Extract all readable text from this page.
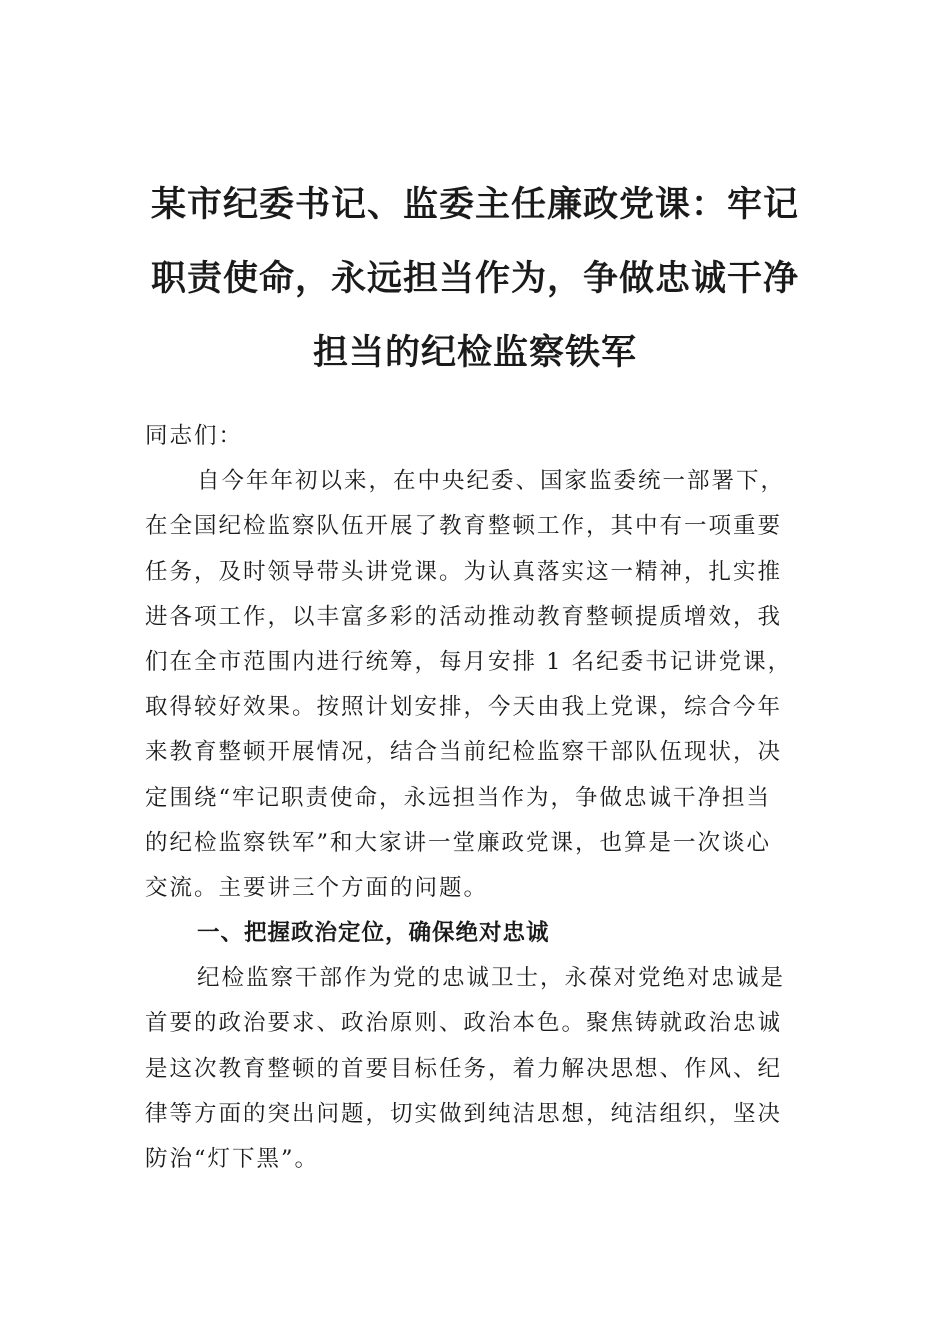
某市纪委书记、监委主任廉政党课：牢记
职责使命，永远担当作为，争做忠诚干净
担当的纪检监察铁军
同志们：
自今年年初以来，在中央纪委、国家监委统一部署下，
在全国纪检监察队伍开展了教育整顿工作，其中有一项重要
任务，及时领导带头讲党课。为认真落实这一精神，扎实推
进各项工作，以丰富多彩的活动推动教育整顿提质增效，我
们在全市范围内进行统筹，每月安排 1 名纪委书记讲党课，
取得较好效果。按照计划安排，今天由我上党课，综合今年
来教育整顿开展情况，结合当前纪检监察干部队伍现状，决
定围绕“牢记职责使命，永远担当作为，争做忠诚干净担当
的纪检监察铁军”和大家讲一堂廉政党课，也算是一次谈心
交流。主要讲三个方面的问题。
一、把握政治定位，确保绝对忠诚
纪检监察干部作为党的忠诚卫士，永葆对党绝对忠诚是
首要的政治要求、政治原则、政治本色。聚焦铸就政治忠诚
是这次教育整顿的首要目标任务，着力解决思想、作风、纪
律等方面的突出问题，切实做到纯洁思想，纯洁组织，坚决
防治“灯下黑”。
